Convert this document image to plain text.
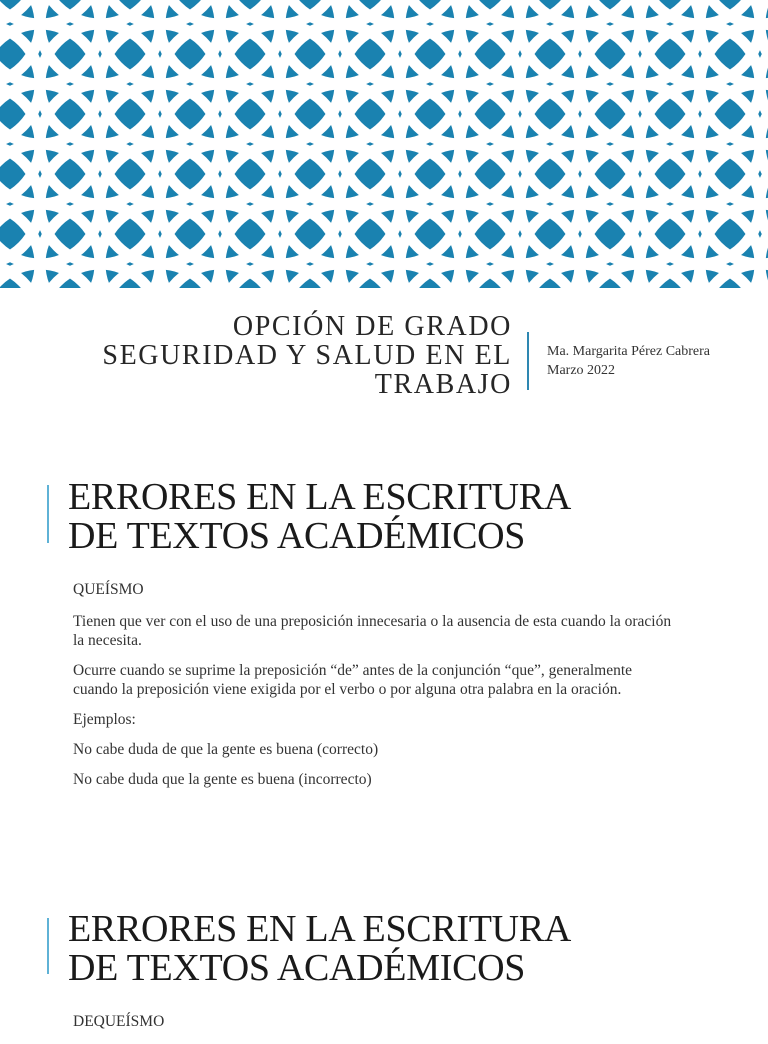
OPCIÓN DE GRADO
SEGURIDAD Y SALUD EN EL
TRABAJO
Ma. Margarita Pérez Cabrera
Marzo 2022
ERRORES EN LA ESCRITURA
DE TEXTOS ACADÉMICOS

QUEÍSMO

Tienen que ver con el uso de una preposición innecesaria o la ausencia de esta cuando la oración la necesita.

Ocurre cuando se suprime la preposición “de” antes de la conjunción “que”, generalmente cuando la preposición viene exigida por el verbo o por alguna otra palabra en la oración.

Ejemplos:

No cabe duda de que la gente es buena (correcto)

No cabe duda que la gente es buena (incorrecto)

ERRORES EN LA ESCRITURA
DE TEXTOS ACADÉMICOS

DEQUEÍSMO
